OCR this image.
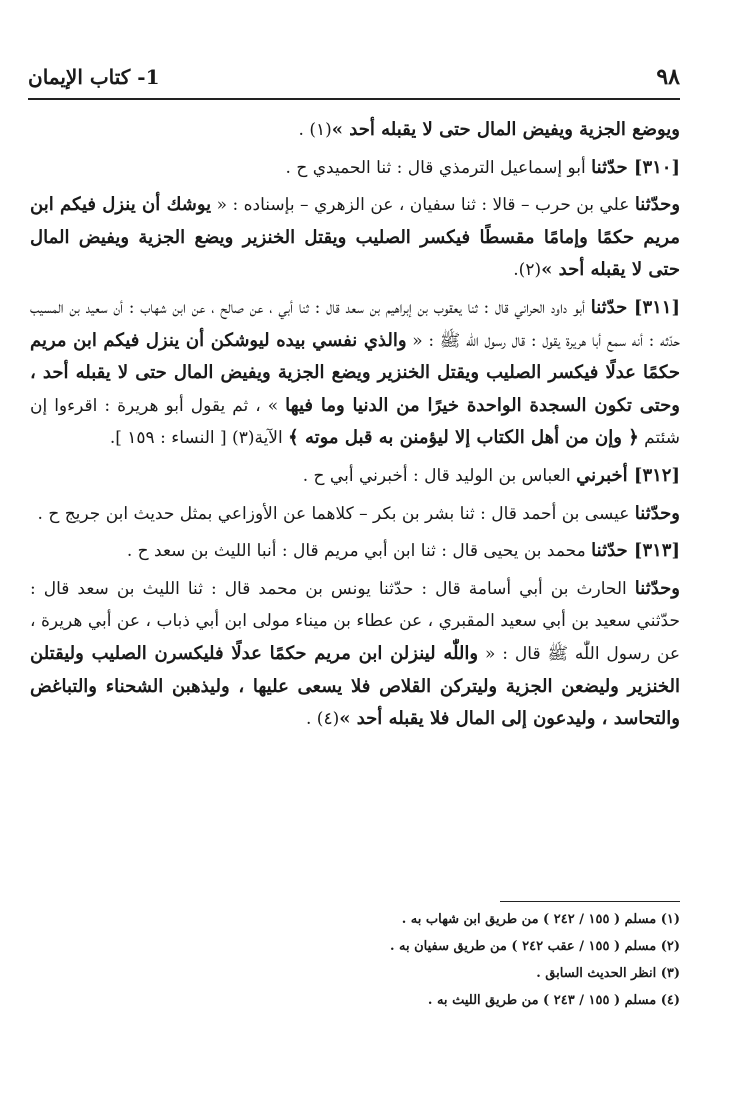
٩٨
1- كتاب الإيمان

ويوضع الجزية ويفيض المال حتى لا يقبله أحد »(١) .

[٣١٠] حدّثنا أبو إسماعيل الترمذي قال : ثنا الحميدي ح .

وحدّثنا علي بن حرب – قالا : ثنا سفيان ، عن الزهري – بإسناده : « يوشك أن ينزل فيكم ابن مريم حكمًا وإمامًا مقسطًا فيكسر الصليب ويقتل الخنزير ويضع الجزية ويفيض المال حتى لا يقبله أحد »(٢).

[٣١١] حدّثنا أبو داود الحراني قال : ثنا يعقوب بن إبراهيم بن سعد قال : ثنا أبي ، عن صالح ، عن ابن شهاب : أن سعيد بن المسيب حدّثه : أنه سمع أبا هريرة يقول : قال رسول اللّٰه ﷺ : « والذي نفسي بيده ليوشكن أن ينزل فيكم ابن مريم حكمًا عدلًا فيكسر الصليب ويقتل الخنزير ويضع الجزية ويفيض المال حتى لا يقبله أحد ، وحتى تكون السجدة الواحدة خيرًا من الدنيا وما فيها » ، ثم يقول أبو هريرة : اقرءوا إن شئتم ﴿ وإن من أهل الكتاب إلا ليؤمنن به قبل موته ﴾ الآية(٣) [ النساء : ١٥٩ ].

[٣١٢] أخبرني العباس بن الوليد قال : أخبرني أبي ح .

وحدّثنا عيسى بن أحمد قال : ثنا بشر بن بكر – كلاهما عن الأوزاعي بمثل حديث ابن جريج ح .

[٣١٣] حدّثنا محمد بن يحيى قال : ثنا ابن أبي مريم قال : أنبا الليث بن سعد ح .

وحدّثنا الحارث بن أبي أسامة قال : حدّثنا يونس بن محمد قال : ثنا الليث بن سعد قال : حدّثني سعيد بن أبي سعيد المقبري ، عن عطاء بن ميناء مولى ابن أبي ذباب ، عن أبي هريرة ، عن رسول اللّٰه ﷺ قال : « واللّٰه لينزلن ابن مريم حكمًا عدلًا فليكسرن الصليب وليقتلن الخنزير وليضعن الجزية وليتركن القلاص فلا يسعى عليها ، وليذهبن الشحناء والتباغض والتحاسد ، وليدعون إلى المال فلا يقبله أحد »(٤) .

(١) مسلم ( ١٥٥ / ٢٤٢ ) من طريق ابن شهاب به .
(٢) مسلم ( ١٥٥ / عقب ٢٤٢ ) من طريق سفيان به .
(٣) انظر الحديث السابق .
(٤) مسلم ( ١٥٥ / ٢٤٣ ) من طريق الليث به .
